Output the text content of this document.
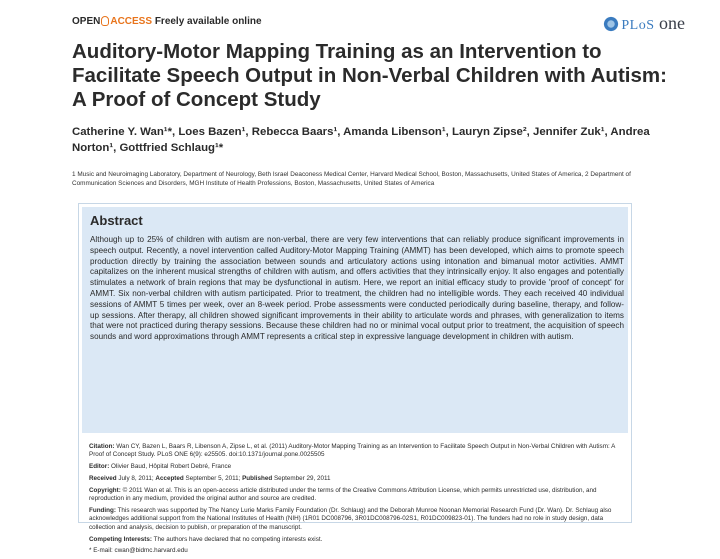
OPEN ACCESS Freely available online	PLoS one
Auditory-Motor Mapping Training as an Intervention to Facilitate Speech Output in Non-Verbal Children with Autism: A Proof of Concept Study

Catherine Y. Wan¹*, Loes Bazen¹, Rebecca Baars¹, Amanda Libenson¹, Lauryn Zipse², Jennifer Zuk¹, Andrea Norton¹, Gottfried Schlaug¹*

1 Music and Neuroimaging Laboratory, Department of Neurology, Beth Israel Deaconess Medical Center, Harvard Medical School, Boston, Massachusetts, United States of America, 2 Department of Communication Sciences and Disorders, MGH Institute of Health Professions, Boston, Massachusetts, United States of America

Abstract

Although up to 25% of children with autism are non-verbal, there are very few interventions that can reliably produce significant improvements in speech output. Recently, a novel intervention called Auditory-Motor Mapping Training (AMMT) has been developed, which aims to promote speech production directly by training the association between sounds and articulatory actions using intonation and bimanual motor activities. AMMT capitalizes on the inherent musical strengths of children with autism, and offers activities that they intrinsically enjoy. It also engages and potentially stimulates a network of brain regions that may be dysfunctional in autism. Here, we report an initial efficacy study to provide 'proof of concept' for AMMT. Six non-verbal children with autism participated. Prior to treatment, the children had no intelligible words. They each received 40 individual sessions of AMMT 5 times per week, over an 8-week period. Probe assessments were conducted periodically during baseline, therapy, and follow-up sessions. After therapy, all children showed significant improvements in their ability to articulate words and phrases, with generalization to items that were not practiced during therapy sessions. Because these children had no or minimal vocal output prior to treatment, the acquisition of speech sounds and word approximations through AMMT represents a critical step in expressive language development in children with autism.

Citation: Wan CY, Bazen L, Baars R, Libenson A, Zipse L, et al. (2011) Auditory-Motor Mapping Training as an Intervention to Facilitate Speech Output in Non-Verbal Children with Autism: A Proof of Concept Study. PLoS ONE 6(9): e25505. doi:10.1371/journal.pone.0025505

Editor: Olivier Baud, Hôpital Robert Debré, France

Received July 8, 2011; Accepted September 5, 2011; Published September 29, 2011

Copyright: © 2011 Wan et al. This is an open-access article distributed under the terms of the Creative Commons Attribution License, which permits unrestricted use, distribution, and reproduction in any medium, provided the original author and source are credited.

Funding: This research was supported by The Nancy Lurie Marks Family Foundation (Dr. Schlaug) and the Deborah Munroe Noonan Memorial Research Fund (Dr. Wan). Dr. Schlaug also acknowledges additional support from the National Institutes of Health (NIH) (1R01 DC008796, 3R01DC008796-02S1, R01DC009823-01). The funders had no role in study design, data collection and analysis, decision to publish, or preparation of the manuscript.

Competing Interests: The authors have declared that no competing interests exist.

* E-mail: cwan@bidmc.harvard.edu
